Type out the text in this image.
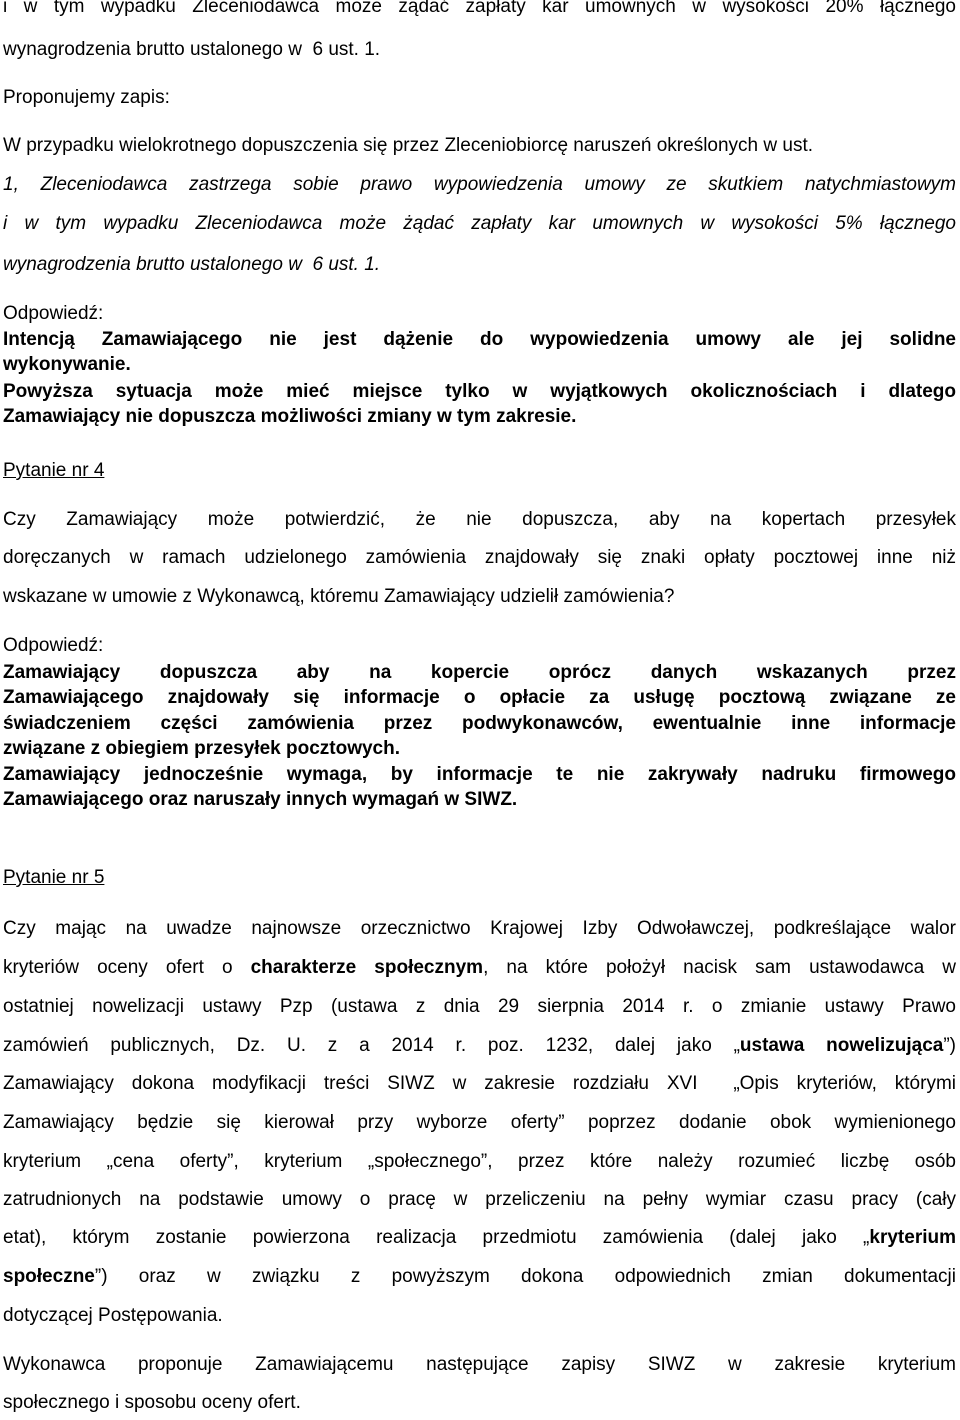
i w tym wypadku Zleceniodawca może żądać zapłaty kar umownych w wysokości 20% łącznego
wynagrodzenia brutto ustalonego w  6 ust. 1.
Proponujemy zapis:
W przypadku wielokrotnego dopuszczenia się przez Zleceniobiorcę naruszeń określonych w ust.
1, Zleceniodawca zastrzega sobie prawo wypowiedzenia umowy ze skutkiem natychmiastowym
i w tym wypadku Zleceniodawca może żądać zapłaty kar umownych w wysokości 5% łącznego
wynagrodzenia brutto ustalonego w  6 ust. 1.
Odpowiedź:
Intencją Zamawiającego nie jest dążenie do wypowiedzenia umowy ale jej solidne
wykonywanie.
Powyższa sytuacja może mieć miejsce tylko w wyjątkowych okolicznościach i dlatego
Zamawiający nie dopuszcza możliwości zmiany w tym zakresie.
Pytanie nr 4
Czy Zamawiający może potwierdzić, że nie dopuszcza, aby na kopertach przesyłek
doręczanych w ramach udzielonego zamówienia znajdowały się znaki opłaty pocztowej inne niż
wskazane w umowie z Wykonawcą, któremu Zamawiający udzielił zamówienia?
Odpowiedź:
Zamawiający dopuszcza aby na kopercie oprócz danych wskazanych przez
Zamawiającego znajdowały się informacje o opłacie za usługę pocztową związane ze
świadczeniem części zamówienia przez podwykonawców, ewentualnie inne informacje
związane z obiegiem przesyłek pocztowych.
Zamawiający jednocześnie wymaga, by informacje te nie zakrywały nadruku firmowego
Zamawiającego oraz naruszały innych wymagań w SIWZ.
Pytanie nr 5
Czy mając na uwadze najnowsze orzecznictwo Krajowej Izby Odwoławczej, podkreślające walor
kryteriów oceny ofert o charakterze społecznym, na które położył nacisk sam ustawodawca w
ostatniej nowelizacji ustawy Pzp (ustawa z dnia 29 sierpnia 2014 r. o zmianie ustawy Prawo
zamówień publicznych, Dz. U. z a 2014 r. poz. 1232, dalej jako „ustawa nowelizująca”)
Zamawiający dokona modyfikacji treści SIWZ w zakresie rozdziału XVI  „Opis kryteriów, którymi
Zamawiający będzie się kierował przy wyborze oferty” poprzez dodanie obok wymienionego
kryterium „cena oferty”, kryterium „społecznego”, przez które należy rozumieć liczbę osób
zatrudnionych na podstawie umowy o pracę w przeliczeniu na pełny wymiar czasu pracy (cały
etat), którym zostanie powierzona realizacja przedmiotu zamówienia (dalej jako „kryterium
społeczne”) oraz w związku z powyższym dokona odpowiednich zmian dokumentacji
dotyczącej Postępowania.
Wykonawca proponuje Zamawiającemu następujące zapisy SIWZ w zakresie kryterium
społecznego i sposobu oceny ofert.
